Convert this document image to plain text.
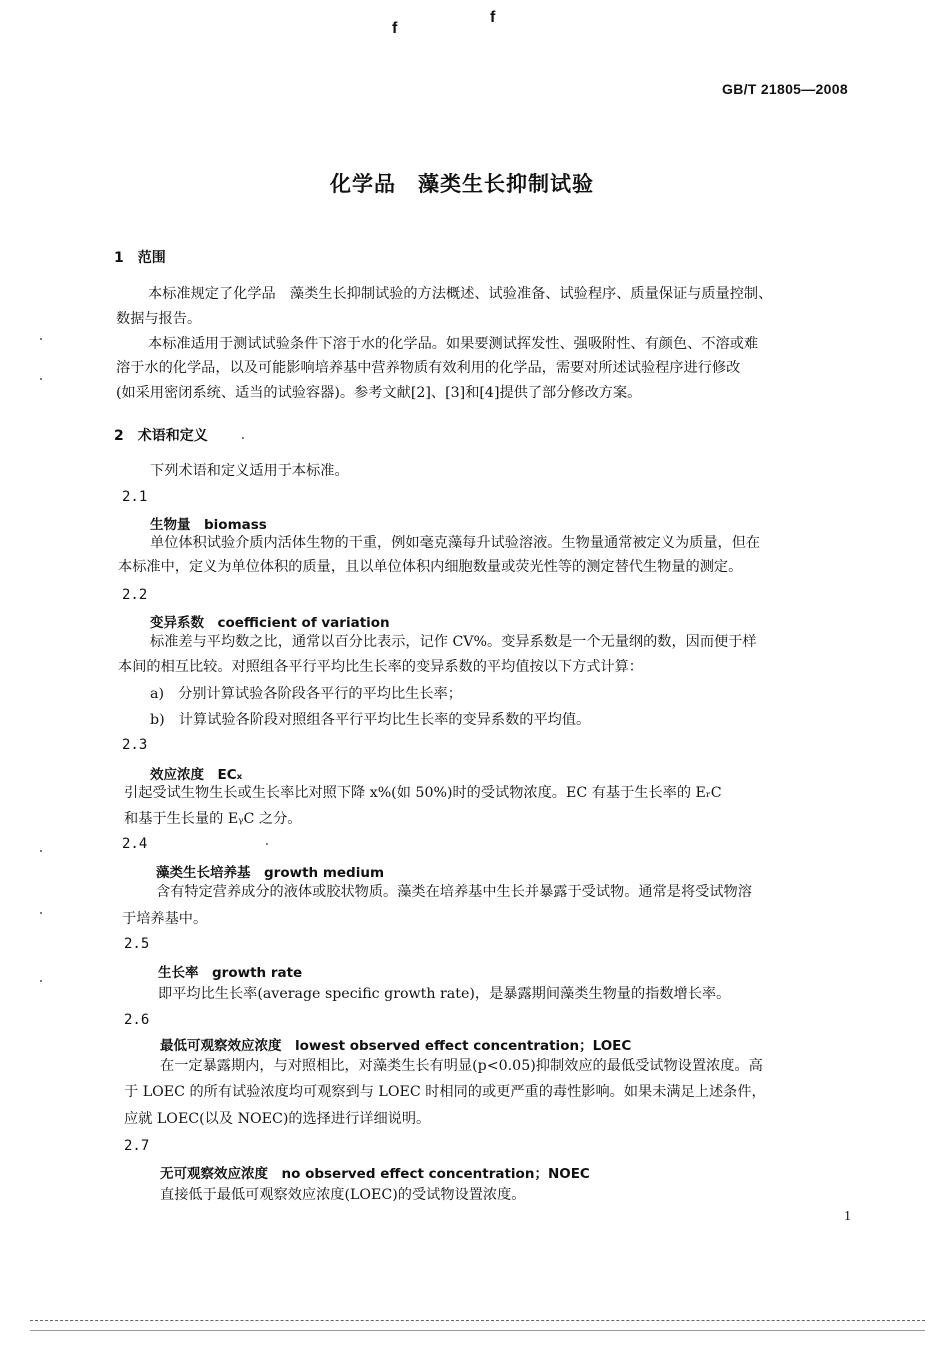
f
f
GB/T 21805—2008
化学品　藻类生长抑制试验
1　范围
本标准规定了化学品　藻类生长抑制试验的方法概述、试验准备、试验程序、质量保证与质量控制、
数据与报告。
本标准适用于测试试验条件下溶于水的化学品。如果要测试挥发性、强吸附性、有颜色、不溶或难
溶于水的化学品，以及可能影响培养基中营养物质有效利用的化学品，需要对所述试验程序进行修改
(如采用密闭系统、适当的试验容器)。参考文献[2]、[3]和[4]提供了部分修改方案。
2　术语和定义
下列术语和定义适用于本标准。
2.1
生物量　biomass
单位体积试验介质内活体生物的干重，例如毫克藻每升试验溶液。生物量通常被定义为质量，但在
本标准中，定义为单位体积的质量，且以单位体积内细胞数量或荧光性等的测定替代生物量的测定。
2.2
变异系数　coefficient of variation
标准差与平均数之比，通常以百分比表示，记作 CV%。变异系数是一个无量纲的数，因而便于样
本间的相互比较。对照组各平行平均比生长率的变异系数的平均值按以下方式计算：
a)　分别计算试验各阶段各平行的平均比生长率；
b)　计算试验各阶段对照组各平行平均比生长率的变异系数的平均值。
2.3
效应浓度　ECₓ
引起受试生物生长或生长率比对照下降 x%(如 50%)时的受试物浓度。EC 有基于生长率的 EᵣC
和基于生长量的 EᵧC 之分。
2.4
藻类生长培养基　growth medium
含有特定营养成分的液体或胶状物质。藻类在培养基中生长并暴露于受试物。通常是将受试物溶
于培养基中。
2.5
生长率　growth rate
即平均比生长率(average specific growth rate)，是暴露期间藻类生物量的指数增长率。
2.6
最低可观察效应浓度　lowest observed effect concentration；LOEC
在一定暴露期内，与对照相比，对藻类生长有明显(p<0.05)抑制效应的最低受试物设置浓度。高
于 LOEC 的所有试验浓度均可观察到与 LOEC 时相同的或更严重的毒性影响。如果未满足上述条件，
应就 LOEC(以及 NOEC)的选择进行详细说明。
2.7
无可观察效应浓度　no observed effect concentration；NOEC
直接低于最低可观察效应浓度(LOEC)的受试物设置浓度。
1
